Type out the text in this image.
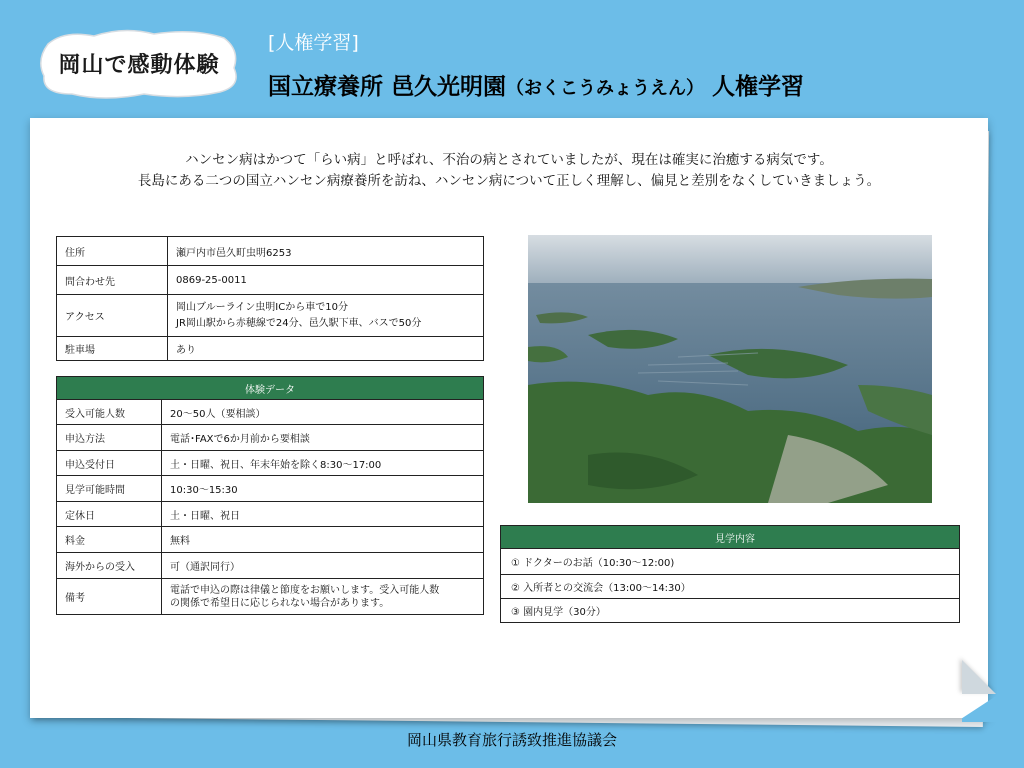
岡山で感動体験
[人権学習]
国立療養所 邑久光明園（おくこうみょうえん） 人権学習
ハンセン病はかつて「らい病」と呼ばれ、不治の病とされていましたが、現在は確実に治癒する病気です。
長島にある二つの国立ハンセン病療養所を訪ね、ハンセン病について正しく理解し、偏見と差別をなくしていきましょう。
住所	瀬戸内市邑久町虫明6253
問合わせ先	0869-25-0011
アクセス	岡山ブルーライン虫明ICから車で10分
JR岡山駅から赤穂線で24分、邑久駅下車、バスで50分

駐車場	あり
体験データ	
受入可能人数	20～50人（要相談）
申込方法	電話･FAXで6か月前から要相談
申込受付日	土・日曜、祝日、年末年始を除く8:30～17:00
見学可能時間	10:30～15:30
定休日	土・日曜、祝日
料金	無料
海外からの受入	可（通訳同行）
備考	電話で申込の際は律儀と節度をお願いします。受入可能人数
の関係で希望日に応じられない場合があります。
見学内容
① ドクターのお話（10:30～12:00)
② 入所者との交流会（13:00～14:30）
③ 園内見学（30分）
岡山県教育旅行誘致推進協議会
